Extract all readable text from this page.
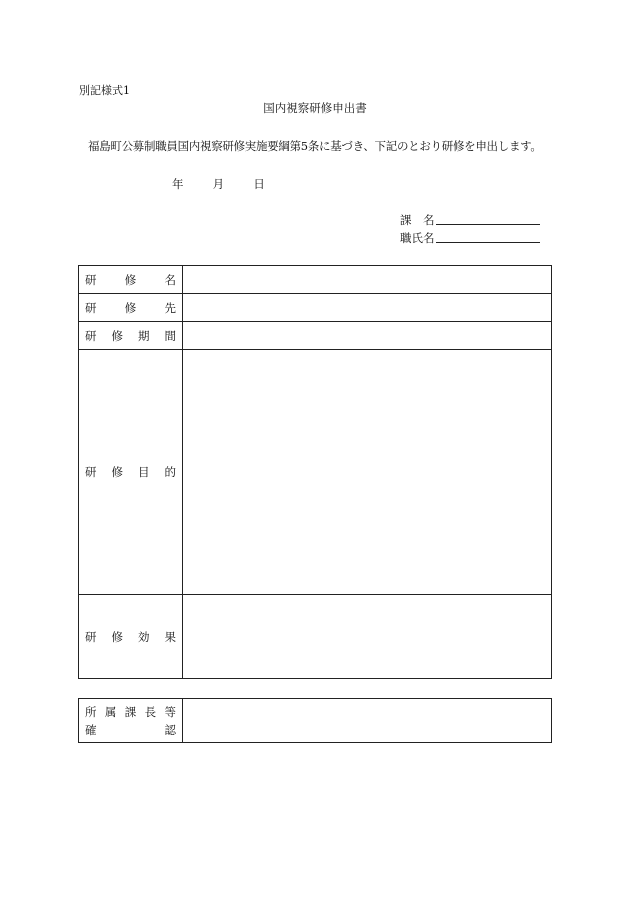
別記様式1
国内視察研修申出書
福島町公募制職員国内視察研修実施要綱第5条に基づき、下記のとおり研修を申出します。
年	月	日
課　名
職氏名
研 修 名	

研 修 先	

研 修 期 間	

研 修 目 的	

研 修 効 果	

所 属 課 長 等
確	認
